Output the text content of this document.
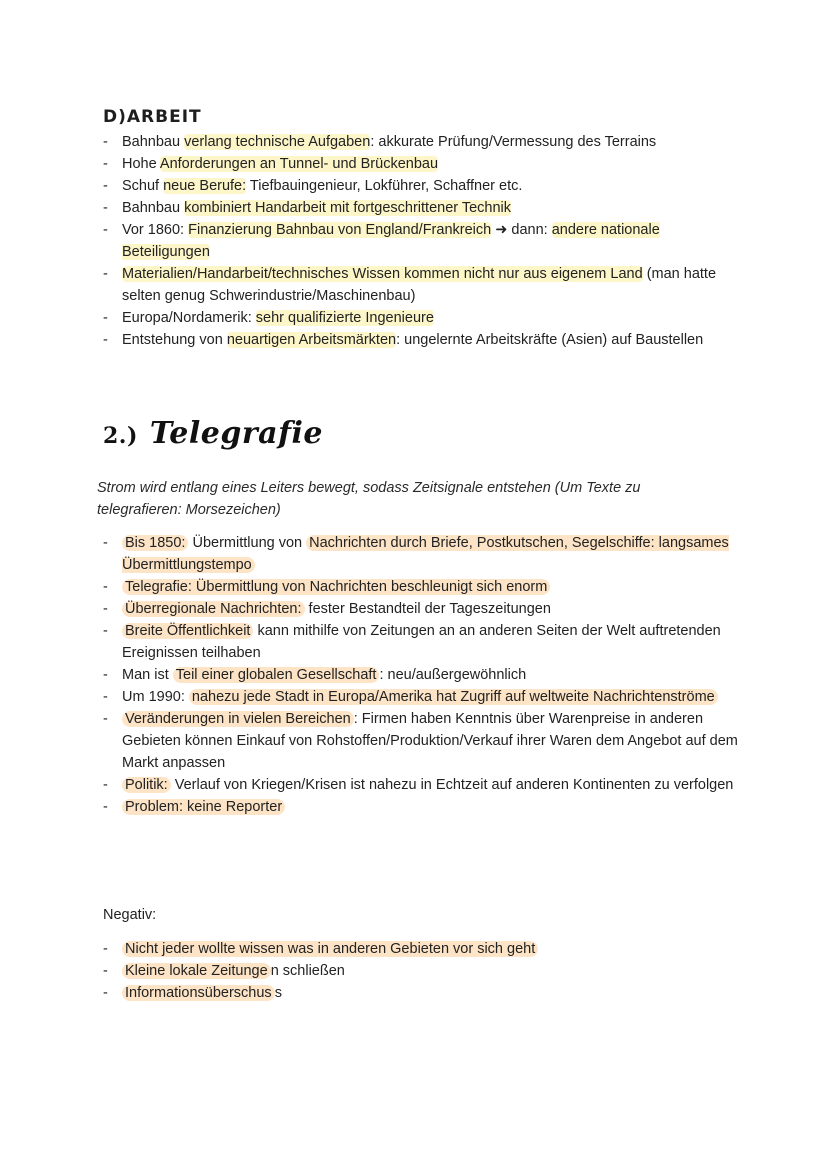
D)ARBEIT
- Bahnbau verlang technische Aufgaben: akkurate Prüfung/Vermessung des Terrains
- Hohe Anforderungen an Tunnel- und Brückenbau
- Schuf neue Berufe: Tiefbauingenieur, Lokführer, Schaffner etc.
- Bahnbau kombiniert Handarbeit mit fortgeschrittener Technik
- Vor 1860: Finanzierung Bahnbau von England/Frankreich ➜ dann: andere nationale Beteiligungen
- Materialien/Handarbeit/technisches Wissen kommen nicht nur aus eigenem Land (man hatte selten genug Schwerindustrie/Maschinenbau)
- Europa/Nordamerik: sehr qualifizierte Ingenieure
- Entstehung von neuartigen Arbeitsmärkten: ungelernte Arbeitskräfte (Asien) auf Baustellen
2.) Telegrafie
Strom wird entlang eines Leiters bewegt, sodass Zeitsignale entstehen (Um Texte zu telegrafieren: Morsezeichen)
- Bis 1850: Übermittlung von Nachrichten durch Briefe, Postkutschen, Segelschiffe: langsames Übermittlungstempo
- Telegrafie: Übermittlung von Nachrichten beschleunigt sich enorm
- Überregionale Nachrichten: fester Bestandteil der Tageszeitungen
- Breite Öffentlichkeit kann mithilfe von Zeitungen an an anderen Seiten der Welt auftretenden Ereignissen teilhaben
- Man ist Teil einer globalen Gesellschaft : neu/außergewöhnlich
- Um 1990: nahezu jede Stadt in Europa/Amerika hat Zugriff auf weltweite Nachrichtenströme
- Veränderungen in vielen Bereichen : Firmen haben Kenntnis über Warenpreise in anderen Gebieten können Einkauf von Rohstoffen/Produktion/Verkauf ihrer Waren dem Angebot auf dem Markt anpassen
- Politik: Verlauf von Kriegen/Krisen ist nahezu in Echtzeit auf anderen Kontinenten zu verfolgen
- Problem: keine Reporter
Negativ:
- Nicht jeder wollte wissen was in anderen Gebieten vor sich geht
- Kleine lokale Zeitunge n schließen
- Informationsüberschus s
